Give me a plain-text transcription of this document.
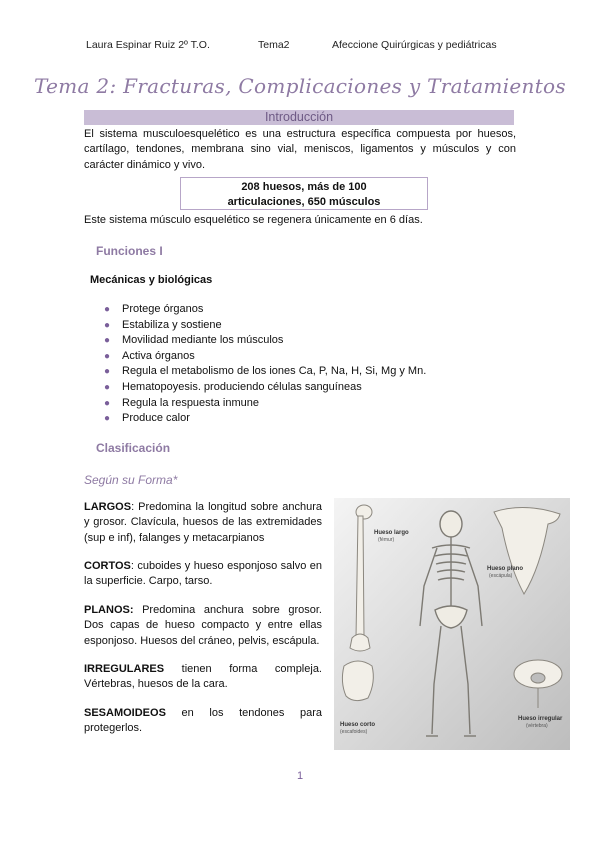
Laura Espinar Ruiz 2º T.O.	Tema2	Afeccione Quirúrgicas y pediátricas
Tema 2: Fracturas, Complicaciones y Tratamientos
Introducción
El sistema musculoesquelético es una estructura específica compuesta por huesos, cartílago, tendones, membrana sino vial, meniscos, ligamentos y músculos y con carácter dinámico y vivo.
208 huesos, más de 100
articulaciones, 650 músculos
Este sistema músculo esquelético se regenera únicamente en 6 días.
Funciones I
Mecánicas y biológicas
● Protege órganos
● Estabiliza y sostiene
● Movilidad mediante los músculos
● Activa órganos
● Regula el metabolismo de los iones Ca, P, Na, H, Si, Mg y Mn.
● Hematopoyesis. produciendo células sanguíneas
● Regula la respuesta inmune
● Produce calor
Clasificación
Según su Forma*
LARGOS: Predomina la longitud sobre anchura y grosor. Clavícula, huesos de las extremidades (sup e inf), falanges y metacarpianos
CORTOS: cuboides y hueso esponjoso salvo en la superficie. Carpo, tarso.
PLANOS: Predomina anchura sobre grosor. Dos capas de hueso compacto y entre ellas esponjoso. Huesos del cráneo, pelvis, escápula.
IRREGULARES tienen forma compleja. Vértebras, huesos de la cara.
SESAMOIDEOS en los tendones para protegerlos.
Hueso largo
(fémur)
Hueso plano
(escápula)
Hueso corto
(escafoides)
Hueso irregular
(vértebra)
1
